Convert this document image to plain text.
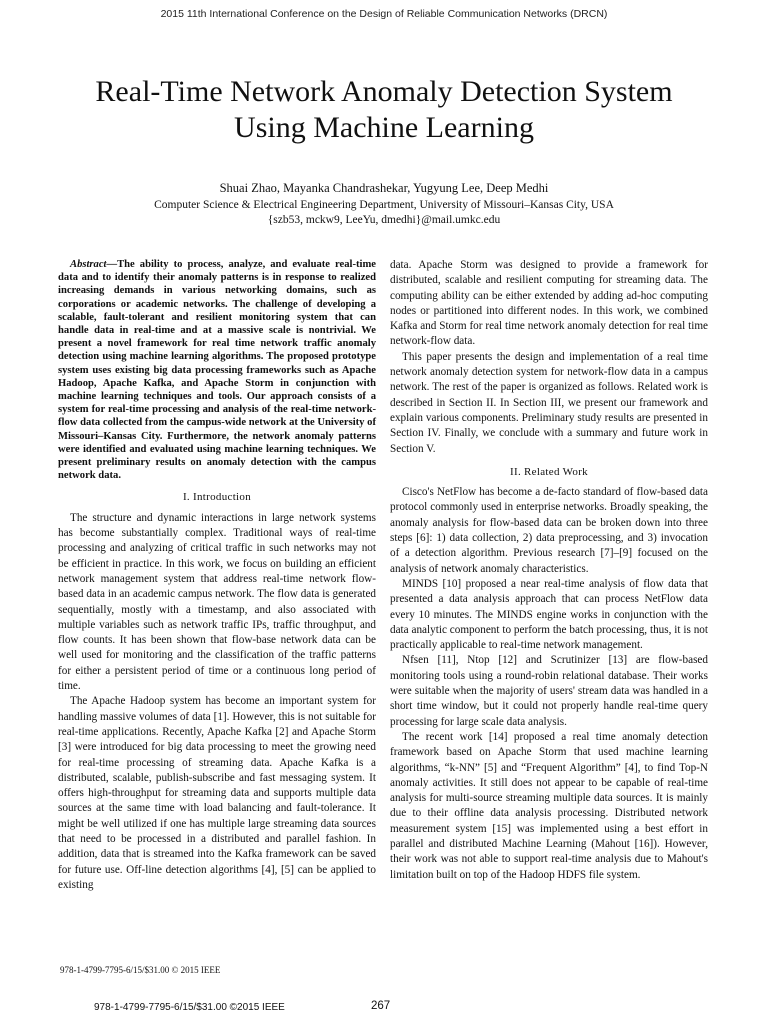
2015 11th International Conference on the Design of Reliable Communication Networks (DRCN)
Real-Time Network Anomaly Detection System
Using Machine Learning
Shuai Zhao, Mayanka Chandrashekar, Yugyung Lee, Deep Medhi
Computer Science & Electrical Engineering Department, University of Missouri–Kansas City, USA
{szb53, mckw9, LeeYu, dmedhi}@mail.umkc.edu

Abstract—The ability to process, analyze, and evaluate real-time data and to identify their anomaly patterns is in response to realized increasing demands in various networking domains, such as corporations or academic networks. The challenge of developing a scalable, fault-tolerant and resilient monitoring system that can handle data in real-time and at a massive scale is nontrivial. We present a novel framework for real time network traffic anomaly detection using machine learning algorithms. The proposed prototype system uses existing big data processing frameworks such as Apache Hadoop, Apache Kafka, and Apache Storm in conjunction with machine learning techniques and tools. Our approach consists of a system for real-time processing and analysis of the real-time network-flow data collected from the campus-wide network at the University of Missouri–Kansas City. Furthermore, the network anomaly patterns were identified and evaluated using machine learning techniques. We present preliminary results on anomaly detection with the campus network data.

I. Introduction

The structure and dynamic interactions in large network systems has become substantially complex. Traditional ways of real-time processing and analyzing of critical traffic in such networks may not be efficient in practice. In this work, we focus on building an efficient network management system that address real-time network flow-based data in an academic campus network. The flow data is generated sequentially, mostly with a timestamp, and also associated with multiple variables such as network traffic IPs, traffic throughput, and flow counts. It has been shown that flow-base network data can be well used for monitoring and the classification of the traffic patterns for either a persistent period of time or a continuous long period of time.

The Apache Hadoop system has become an important system for handling massive volumes of data [1]. However, this is not suitable for real-time applications. Recently, Apache Kafka [2] and Apache Storm [3] were introduced for big data processing to meet the growing need for real-time processing of streaming data. Apache Kafka is a distributed, scalable, publish-subscribe and fast messaging system. It offers high-throughput for streaming data and supports multiple data sources at the same time with load balancing and fault-tolerance. It might be well utilized if one has multiple large streaming data sources that need to be processed in a distributed and parallel fashion. In addition, data that is streamed into the Kafka framework can be saved for future use. Off-line detection algorithms [4], [5] can be applied to existing

978-1-4799-7795-6/15/$31.00 © 2015 IEEE

data. Apache Storm was designed to provide a framework for distributed, scalable and resilient computing for streaming data. The computing ability can be either extended by adding ad-hoc computing nodes or partitioned into different nodes. In this work, we combined Kafka and Storm for real time network anomaly detection for real time network-flow data.

This paper presents the design and implementation of a real time network anomaly detection system for network-flow data in a campus network. The rest of the paper is organized as follows. Related work is described in Section II. In Section III, we present our framework and explain various components. Preliminary study results are presented in Section IV. Finally, we conclude with a summary and future work in Section V.

II. Related Work

Cisco's NetFlow has become a de-facto standard of flow-based data protocol commonly used in enterprise networks. Broadly speaking, the anomaly analysis for flow-based data can be broken down into three steps [6]: 1) data collection, 2) data preprocessing, and 3) invocation of a detection algorithm. Previous research [7]–[9] focused on the analysis of network anomaly characteristics.

MINDS [10] proposed a near real-time analysis of flow data that presented a data analysis approach that can process NetFlow data every 10 minutes. The MINDS engine works in conjunction with the data analytic component to perform the batch processing, thus, it is not practically applicable to real-time network management.

Nfsen [11], Ntop [12] and Scrutinizer [13] are flow-based monitoring tools using a round-robin relational database. Their works were suitable when the majority of users' stream data was handled in a short time window, but it could not properly handle real-time query processing for large scale data analysis.

The recent work [14] proposed a real time anomaly detection framework based on Apache Storm that used machine learning algorithms, “k-NN” [5] and “Frequent Algorithm” [4], to find Top-N anomaly activities. It still does not appear to be capable of real-time analysis for multi-source streaming multiple data sources. It is mainly due to their offline data analysis processing. Distributed network measurement system [15] was implemented using a best effort in parallel and distributed Machine Learning (Mahout [16]). However, their work was not able to support real-time analysis due to Mahout's limitation built on top of the Hadoop HDFS file system.

978-1-4799-7795-6/15/$31.00 ©2015 IEEE	267
